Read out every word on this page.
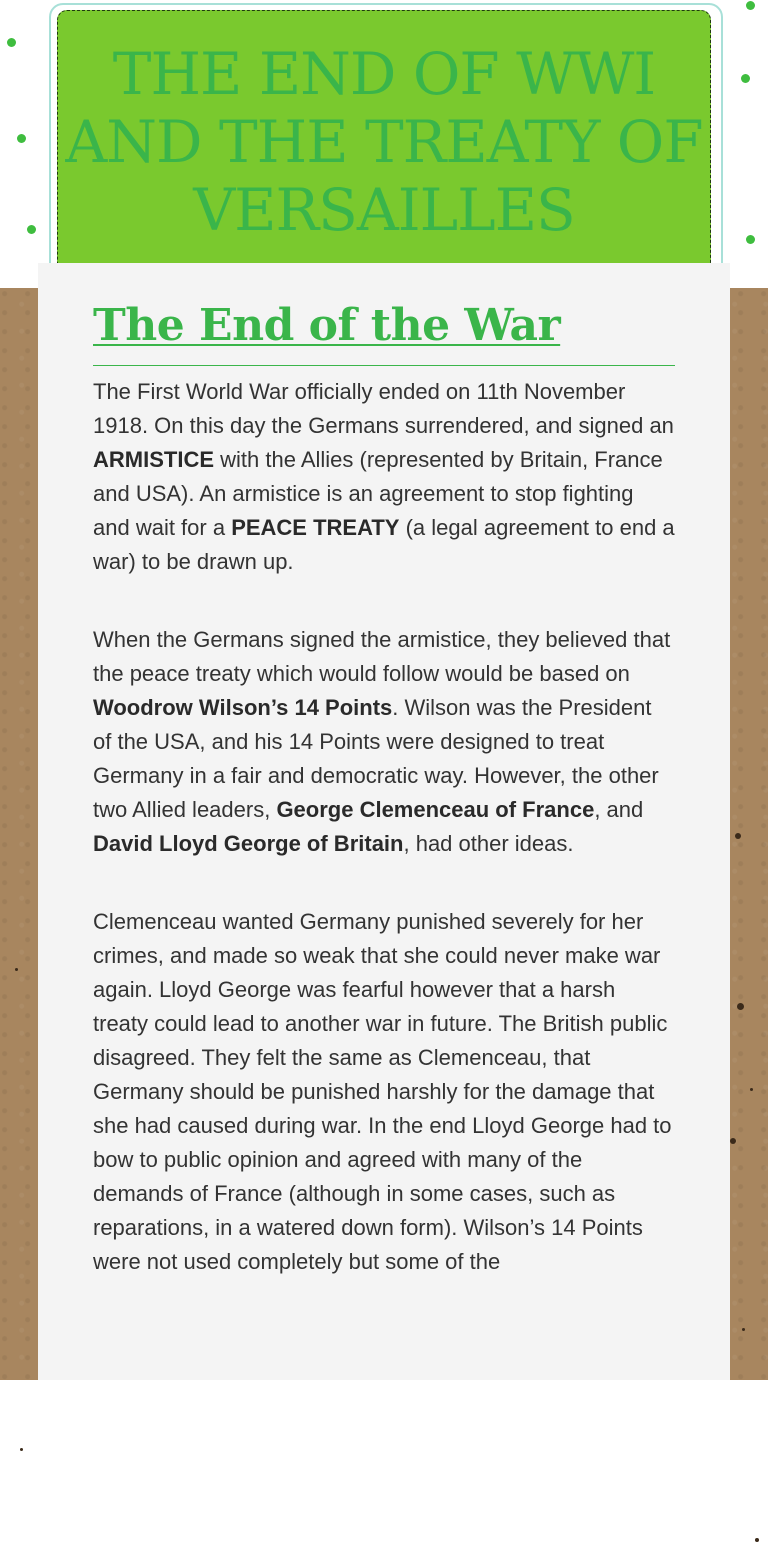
THE END OF WWI AND THE TREATY OF VERSAILLES
The End of the War

The First World War officially ended on 11th November 1918. On this day the Germans surrendered, and signed an ARMISTICE with the Allies (represented by Britain, France and USA). An armistice is an agreement to stop fighting and wait for a PEACE TREATY (a legal agreement to end a war) to be drawn up.

When the Germans signed the armistice, they believed that the peace treaty which would follow would be based on Woodrow Wilson’s 14 Points. Wilson was the President of the USA, and his 14 Points were designed to treat Germany in a fair and democratic way. However, the other two Allied leaders, George Clemenceau of France, and David Lloyd George of Britain, had other ideas.

Clemenceau wanted Germany punished severely for her crimes, and made so weak that she could never make war again. Lloyd George was fearful however that a harsh treaty could lead to another war in future. The British public disagreed. They felt the same as Clemenceau, that Germany should be punished harshly for the damage that she had caused during war. In the end Lloyd George had to bow to public opinion and agreed with many of the demands of France (although in some cases, such as reparations, in a watered down form). Wilson’s 14 Points were not used completely but some of the
